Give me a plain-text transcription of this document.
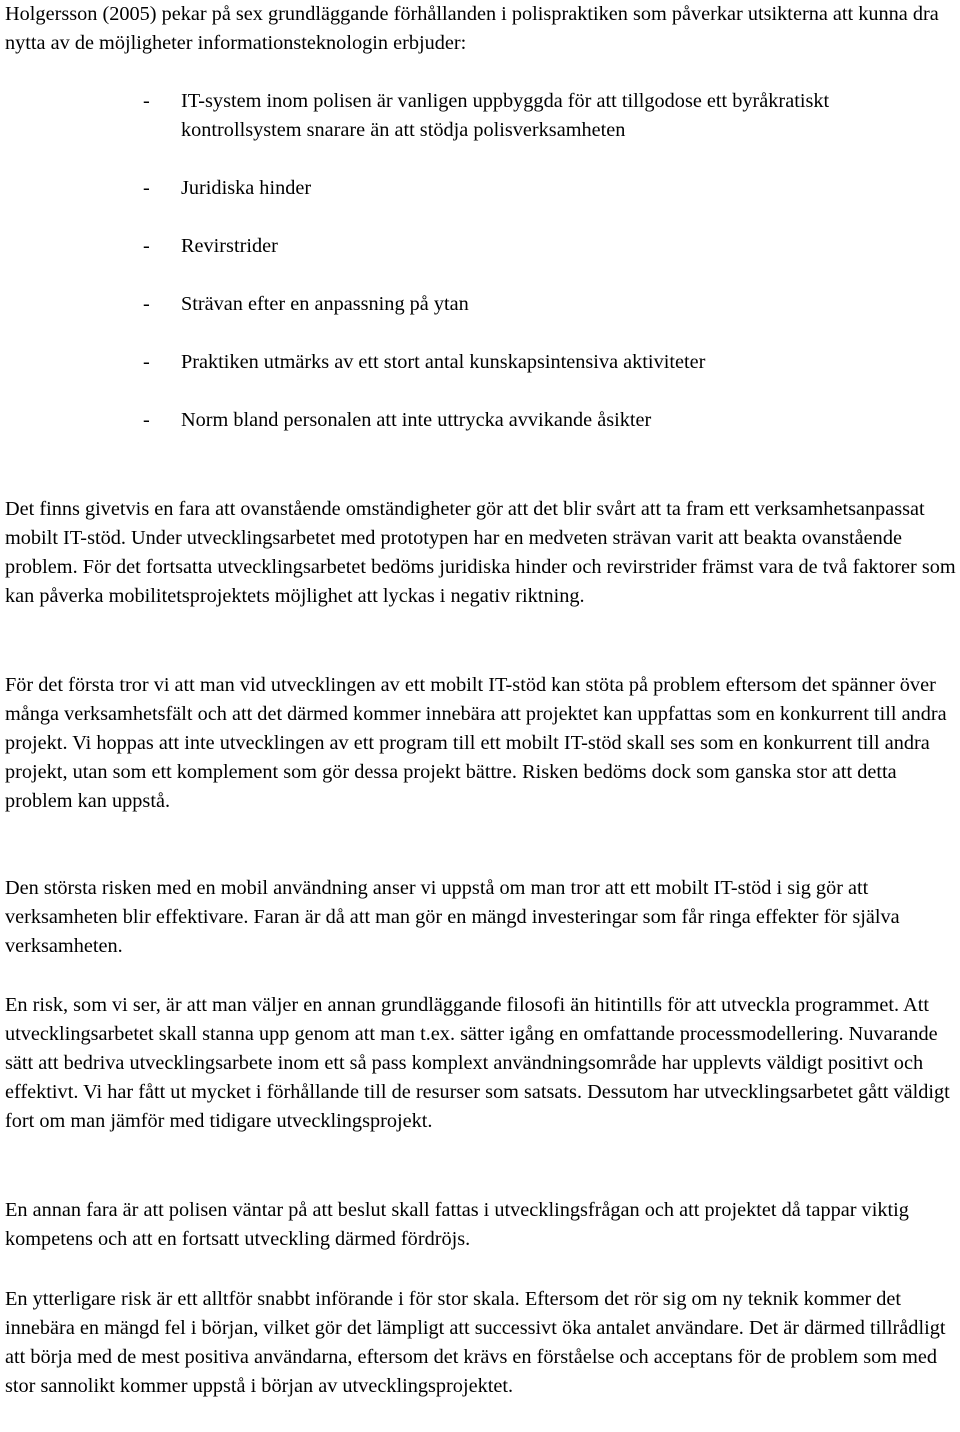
Holgersson (2005) pekar på sex grundläggande förhållanden i polispraktiken som påverkar utsikterna att kunna dra nytta av de möjligheter informationsteknologin erbjuder:

- IT-system inom polisen är vanligen uppbyggda för att tillgodose ett byråkratiskt kontrollsystem snarare än att stödja polisverksamheten
- Juridiska hinder
- Revirstrider
- Strävan efter en anpassning på ytan
- Praktiken utmärks av ett stort antal kunskapsintensiva aktiviteter
- Norm bland personalen att inte uttrycka avvikande åsikter

Det finns givetvis en fara att ovanstående omständigheter gör att det blir svårt att ta fram ett verksamhetsanpassat mobilt IT-stöd. Under utvecklingsarbetet med prototypen har en medveten strävan varit att beakta ovanstående problem. För det fortsatta utvecklingsarbetet bedöms juridiska hinder och revirstrider främst vara de två faktorer som kan påverka mobilitetsprojektets möjlighet att lyckas i negativ riktning.

För det första tror vi att man vid utvecklingen av ett mobilt IT-stöd kan stöta på problem eftersom det spänner över många verksamhetsfält och att det därmed kommer innebära att projektet kan uppfattas som en konkurrent till andra projekt. Vi hoppas att inte utvecklingen av ett program till ett mobilt IT-stöd skall ses som en konkurrent till andra projekt, utan som ett komplement som gör dessa projekt bättre. Risken bedöms dock som ganska stor att detta problem kan uppstå.

Den största risken med en mobil användning anser vi uppstå om man tror att ett mobilt IT-stöd i sig gör att verksamheten blir effektivare. Faran är då att man gör en mängd investeringar som får ringa effekter för själva verksamheten.

En risk, som vi ser, är att man väljer en annan grundläggande filosofi än hitintills för att utveckla programmet. Att utvecklingsarbetet skall stanna upp genom att man t.ex. sätter igång en omfattande processmodellering. Nuvarande sätt att bedriva utvecklingsarbete inom ett så pass komplext användningsområde har upplevts väldigt positivt och effektivt. Vi har fått ut mycket i förhållande till de resurser som satsats. Dessutom har utvecklingsarbetet gått väldigt fort om man jämför med tidigare utvecklingsprojekt.

En annan fara är att polisen väntar på att beslut skall fattas i utvecklingsfrågan och att projektet då tappar viktig kompetens och att en fortsatt utveckling därmed fördröjs.

En ytterligare risk är ett alltför snabbt införande i för stor skala. Eftersom det rör sig om ny teknik kommer det innebära en mängd fel i början, vilket gör det lämpligt att successivt öka antalet användare. Det är därmed tillrådligt att börja med de mest positiva användarna, eftersom det krävs en förståelse och acceptans för de problem som med stor sannolikt kommer uppstå i början av utvecklingsprojektet.
